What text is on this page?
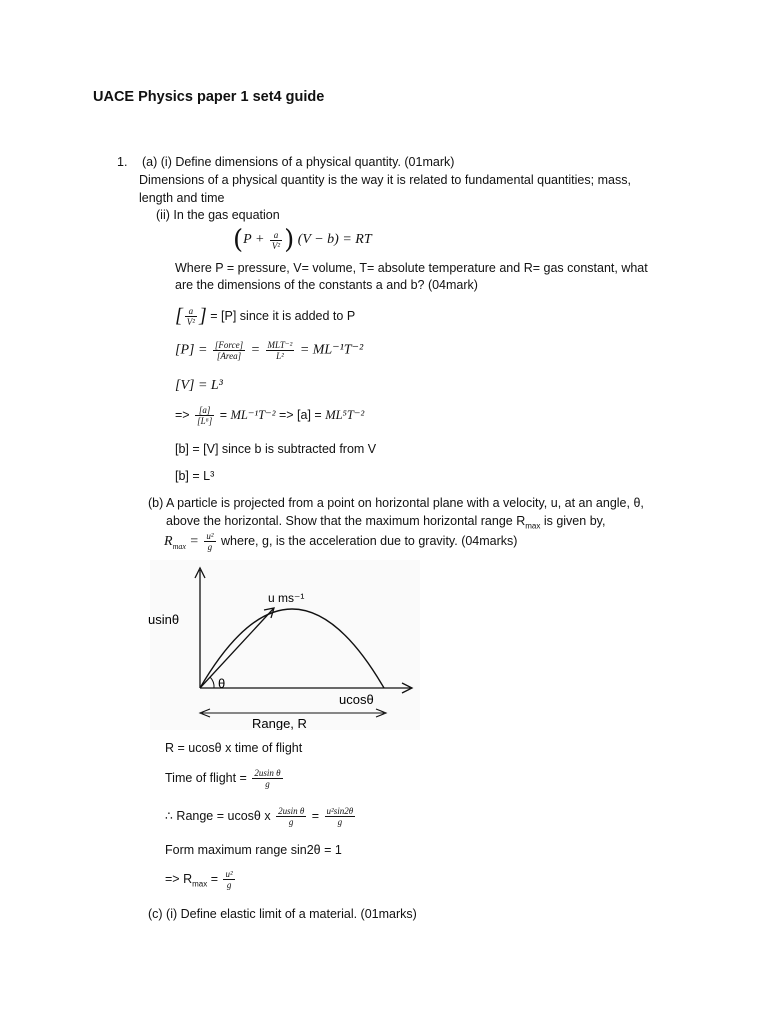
UACE Physics paper 1 set4 guide
1. (a) (i) Define dimensions of a physical quantity. (01mark)
Dimensions of a physical quantity is the way it is related to fundamental quantities; mass,
length and time
(ii) In the gas equation
($P + \frac{a}{\text{V²}}$ ) (V − b) = RT
Where P = pressure, V= volume, T= absolute temperature and R= gas constant, what
are the dimensions of the constants a and b? (04mark)
[ $\frac{a}{\text{V²}}$ ] = [P] since it is added to P
$[P] = \frac{\text{[Force]}}{\text{[Area]}} = \frac{\text{MLT⁻²}}{\text{L²}} = ML^{-1}T^{-2}$
[V] = L³
=> $\frac{[a]}{\text{[L⁶]}} = ML^{-1}T^{-2} => [a] = ML^5T^{-2}$
[b] = [V] since b is subtracted from V
[b] = L³
(b) A particle is projected from a point on horizontal plane with a velocity, u, at an angle, θ,
above the horizontal. Show that the maximum horizontal range $R_{max}$ is given by,
$R_{max} = \frac{\text{u²}}{g}$ where, g, is the acceleration due to gravity. (04marks)
usinθ
u ms⁻¹
θ
ucosθ
Range, R
R = ucosθ x time of flight
Time of flight = $\frac{\text{2usin θ}}{g}$
∴ Range = ucosθ x $\frac{\text{2usin θ}}{g} = \frac{\text{u²sin2θ}}{g}$
Form maximum range sin2θ = 1
=> $R_{max} = \frac{\text{u²}}{g}$
(c) (i) Define elastic limit of a material. (01marks)
